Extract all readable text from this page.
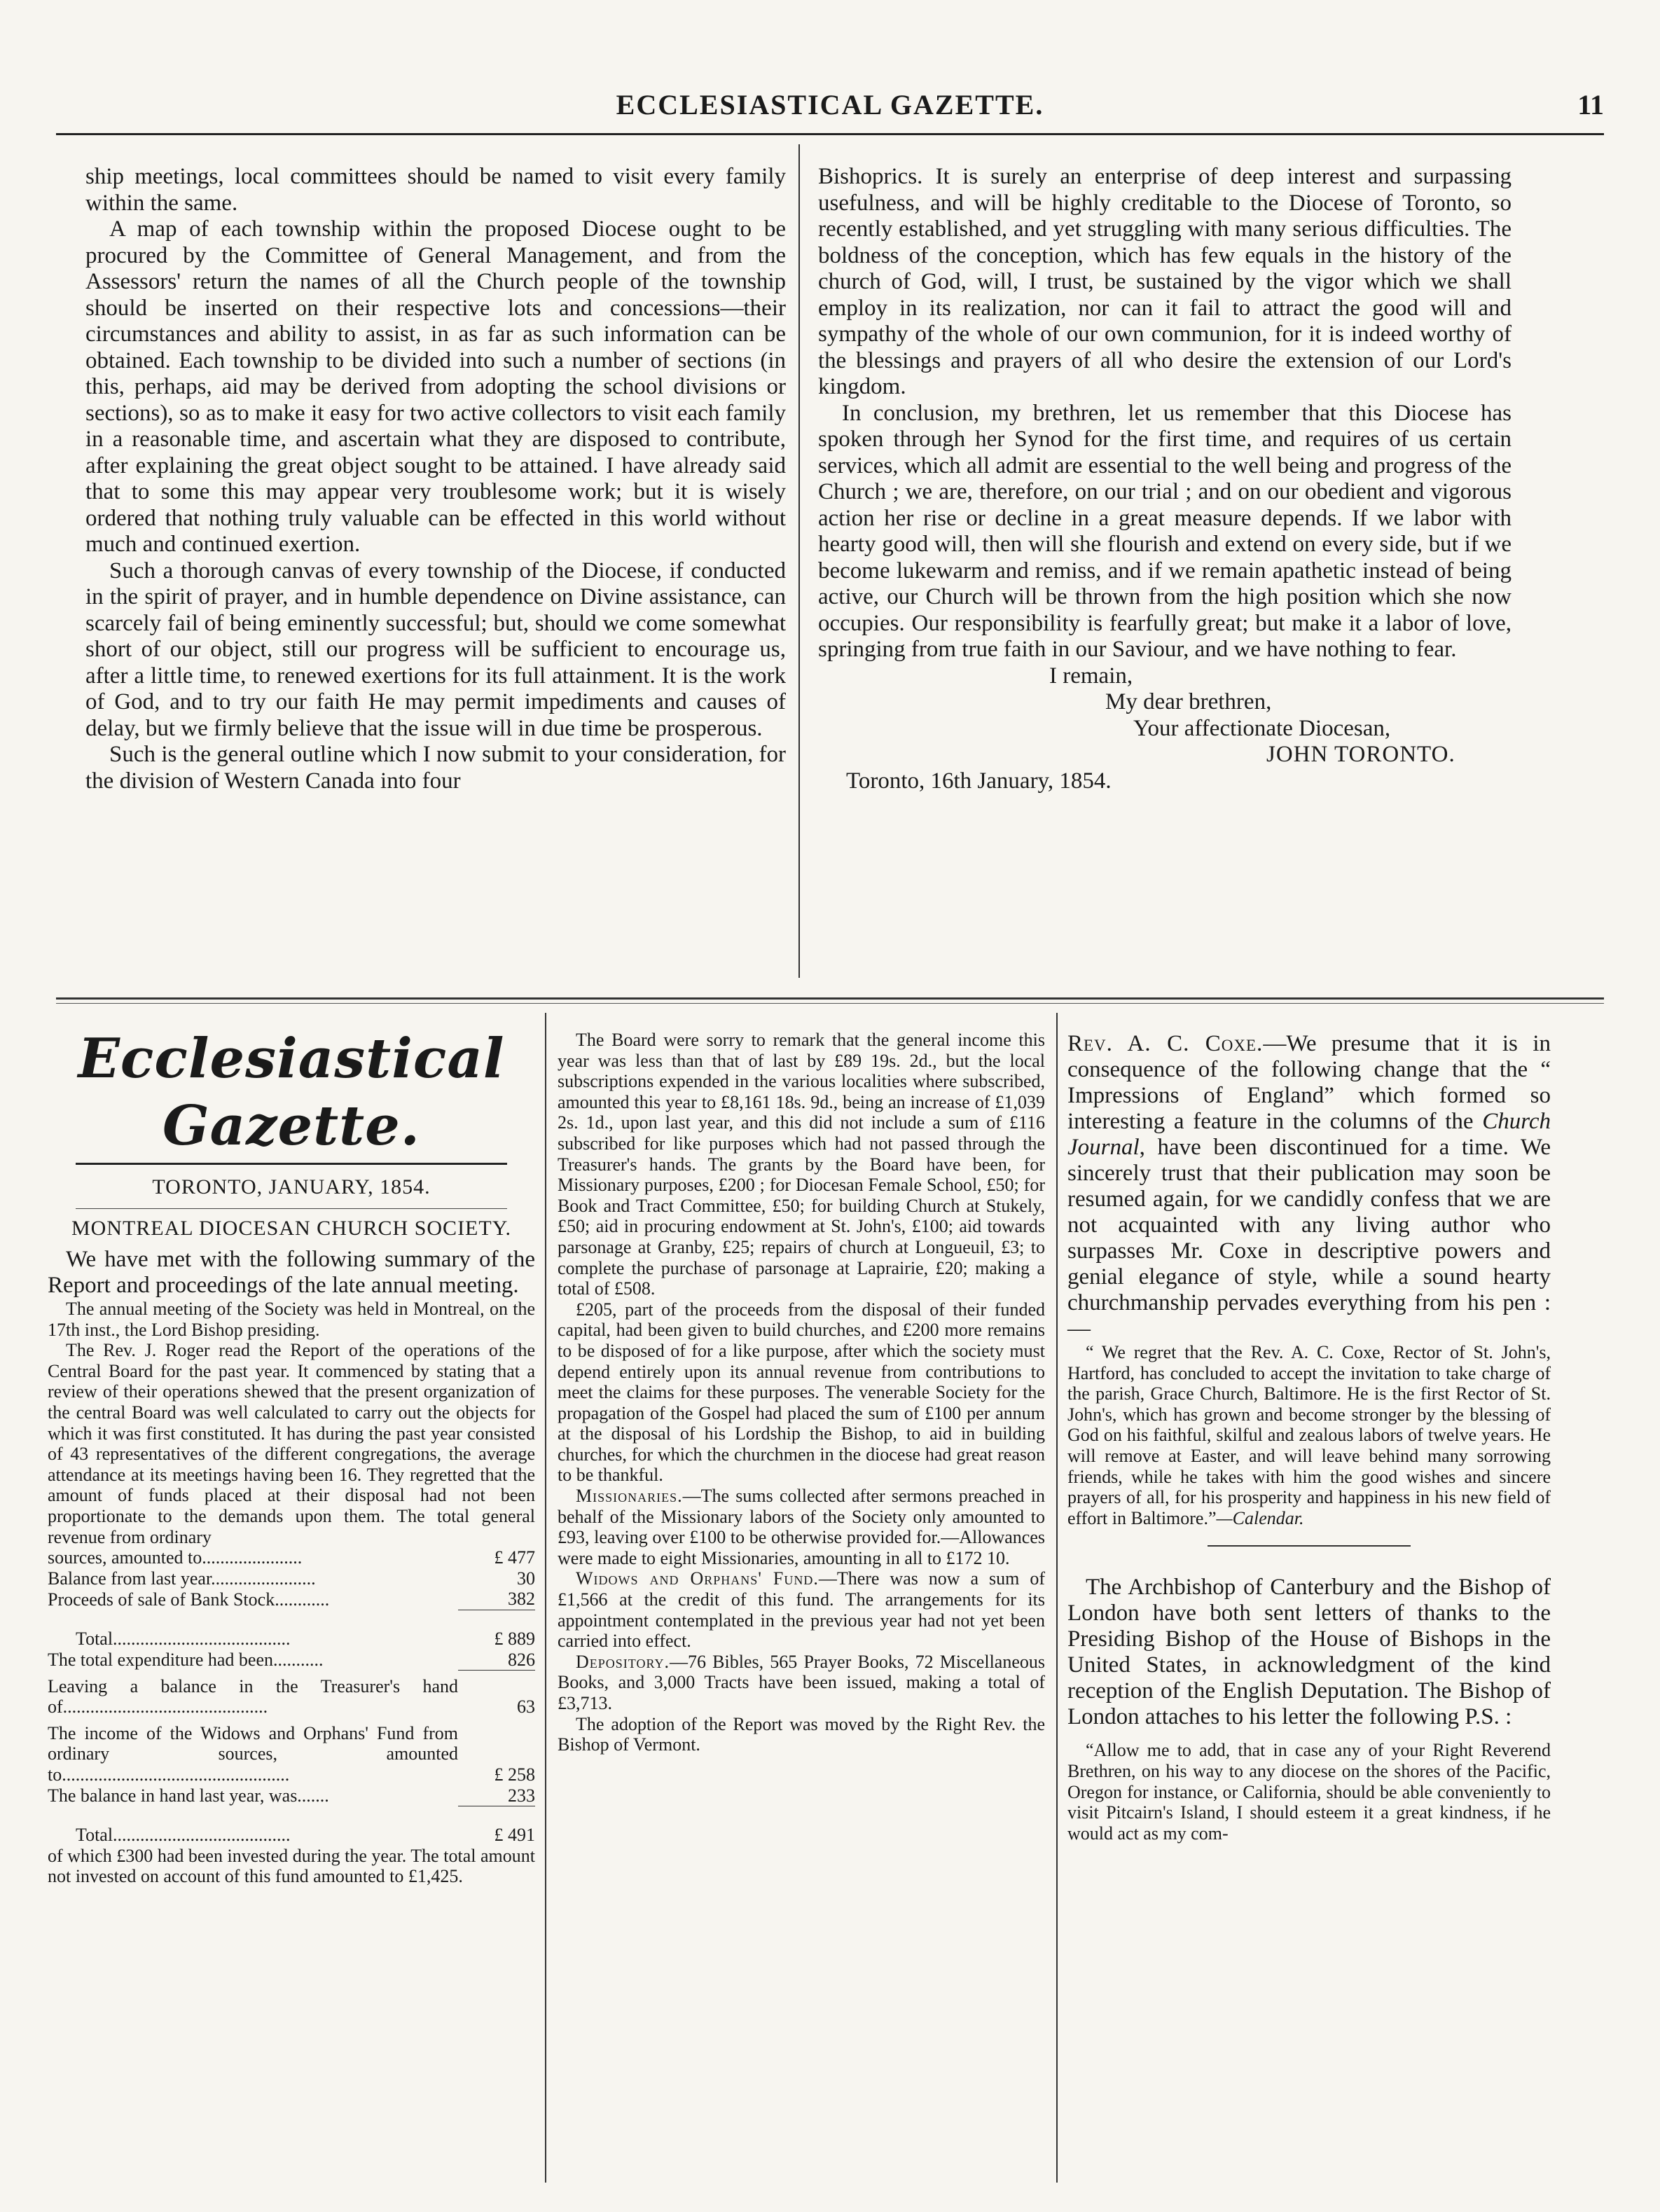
ECCLESIASTICAL GAZETTE.	11

ship meetings, local committees should be named to visit every family within the same.

A map of each township within the proposed Diocese ought to be procured by the Committee of General Management, and from the Assessors' return the names of all the Church people of the township should be inserted on their respective lots and concessions—their circumstances and ability to assist, in as far as such information can be obtained. Each township to be divided into such a number of sections (in this, perhaps, aid may be derived from adopting the school divisions or sections), so as to make it easy for two active collectors to visit each family in a reasonable time, and ascertain what they are disposed to contribute, after explaining the great object sought to be attained. I have already said that to some this may appear very troublesome work; but it is wisely ordered that nothing truly valuable can be effected in this world without much and continued exertion.

Such a thorough canvas of every township of the Diocese, if conducted in the spirit of prayer, and in humble dependence on Divine assistance, can scarcely fail of being eminently successful; but, should we come somewhat short of our object, still our progress will be sufficient to encourage us, after a little time, to renewed exertions for its full attainment. It is the work of God, and to try our faith He may permit impediments and causes of delay, but we firmly believe that the issue will in due time be prosperous.

Such is the general outline which I now submit to your consideration, for the division of Western Canada into four

Bishoprics. It is surely an enterprise of deep interest and surpassing usefulness, and will be highly creditable to the Diocese of Toronto, so recently established, and yet struggling with many serious difficulties. The boldness of the conception, which has few equals in the history of the church of God, will, I trust, be sustained by the vigor which we shall employ in its realization, nor can it fail to attract the good will and sympathy of the whole of our own communion, for it is indeed worthy of the blessings and prayers of all who desire the extension of our Lord's kingdom.

In conclusion, my brethren, let us remember that this Diocese has spoken through her Synod for the first time, and requires of us certain services, which all admit are essential to the well being and progress of the Church ; we are, therefore, on our trial ; and on our obedient and vigorous action her rise or decline in a great measure depends. If we labor with hearty good will, then will she flourish and extend on every side, but if we become lukewarm and remiss, and if we remain apathetic instead of being active, our Church will be thrown from the high position which she now occupies. Our responsibility is fearfully great; but make it a labor of love, springing from true faith in our Saviour, and we have nothing to fear.

I remain,

My dear brethren,

Your affectionate Diocesan,

JOHN TORONTO.

Toronto, 16th January, 1854.

Ecclesiastical Gazette.
TORONTO, JANUARY, 1854.
MONTREAL DIOCESAN CHURCH SOCIETY.

We have met with the following summary of the Report and proceedings of the late annual meeting.

The annual meeting of the Society was held in Montreal, on the 17th inst., the Lord Bishop presiding.

The Rev. J. Roger read the Report of the operations of the Central Board for the past year. It commenced by stating that a review of their operations shewed that the present organization of the central Board was well calculated to carry out the objects for which it was first constituted. It has during the past year consisted of 43 representatives of the different congregations, the average attendance at its meetings having been 16. They regretted that the amount of funds placed at their disposal had not been proportionate to the demands upon them. The total general revenue from ordinary

sources, amounted to......................	£ 477
Balance from last year.......................	30
Proceeds of sale of Bank Stock............	382
Total.......................................	£ 889
The total expenditure had been...........	826
Leaving a balance in the Treasurer's hand of.............................................	63
The income of the Widows and Orphans' Fund from ordinary sources, amounted to..................................................	£ 258
The balance in hand last year, was.......	233
Total.......................................	£ 491

of which £300 had been invested during the year. The total amount not invested on account of this fund amounted to £1,425.

The Board were sorry to remark that the general income this year was less than that of last by £89 19s. 2d., but the local subscriptions expended in the various localities where subscribed, amounted this year to £8,161 18s. 9d., being an increase of £1,039 2s. 1d., upon last year, and this did not include a sum of £116 subscribed for like purposes which had not passed through the Treasurer's hands. The grants by the Board have been, for Missionary purposes, £200 ; for Diocesan Female School, £50; for Book and Tract Committee, £50; for building Church at Stukely, £50; aid in procuring endowment at St. John's, £100; aid towards parsonage at Granby, £25; repairs of church at Longueuil, £3; to complete the purchase of parsonage at Laprairie, £20; making a total of £508.

£205, part of the proceeds from the disposal of their funded capital, had been given to build churches, and £200 more remains to be disposed of for a like purpose, after which the society must depend entirely upon its annual revenue from contributions to meet the claims for these purposes. The venerable Society for the propagation of the Gospel had placed the sum of £100 per annum at the disposal of his Lordship the Bishop, to aid in building churches, for which the churchmen in the diocese had great reason to be thankful.

Missionaries.—The sums collected after sermons preached in behalf of the Missionary labors of the Society only amounted to £93, leaving over £100 to be otherwise provided for.—Allowances were made to eight Missionaries, amounting in all to £172 10.

Widows and Orphans' Fund.—There was now a sum of £1,566 at the credit of this fund. The arrangements for its appointment contemplated in the previous year had not yet been carried into effect.

Depository.—76 Bibles, 565 Prayer Books, 72 Miscellaneous Books, and 3,000 Tracts have been issued, making a total of £3,713.

The adoption of the Report was moved by the Right Rev. the Bishop of Vermont.

Rev. A. C. Coxe.—We presume that it is in consequence of the following change that the “ Impressions of England” which formed so interesting a feature in the columns of the Church Journal, have been discontinued for a time. We sincerely trust that their publication may soon be resumed again, for we candidly confess that we are not acquainted with any living author who surpasses Mr. Coxe in descriptive powers and genial elegance of style, while a sound hearty churchmanship pervades everything from his pen :—

“ We regret that the Rev. A. C. Coxe, Rector of St. John's, Hartford, has concluded to accept the invitation to take charge of the parish, Grace Church, Baltimore. He is the first Rector of St. John's, which has grown and become stronger by the blessing of God on his faithful, skilful and zealous labors of twelve years. He will remove at Easter, and will leave behind many sorrowing friends, while he takes with him the good wishes and sincere prayers of all, for his prosperity and happiness in his new field of effort in Baltimore.”—Calendar.

The Archbishop of Canterbury and the Bishop of London have both sent letters of thanks to the Presiding Bishop of the House of Bishops in the United States, in acknowledgment of the kind reception of the English Deputation. The Bishop of London attaches to his letter the following P.S. :

“Allow me to add, that in case any of your Right Reverend Brethren, on his way to any diocese on the shores of the Pacific, Oregon for instance, or California, should be able conveniently to visit Pitcairn's Island, I should esteem it a great kindness, if he would act as my com-
